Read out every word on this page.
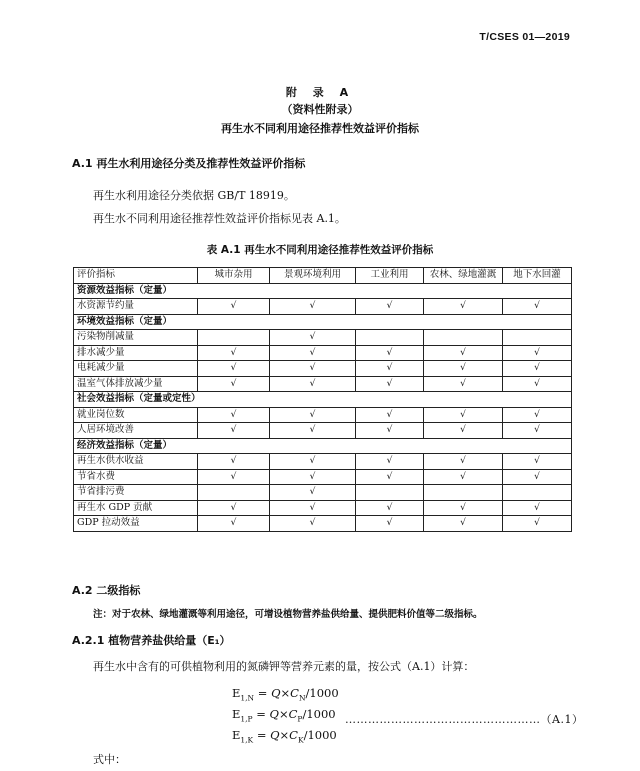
T/CSES 01—2019
附 录 A
（资料性附录）
再生水不同利用途径推荐性效益评价指标
A.1 再生水利用途径分类及推荐性效益评价指标
再生水利用途径分类依据 GB/T 18919。
再生水不同利用途径推荐性效益评价指标见表 A.1。
表 A.1 再生水不同利用途径推荐性效益评价指标
评价指标	城市杂用	景观环境利用	工业利用	农林、绿地灌溉	地下水回灌
资源效益指标（定量）					
水资源节约量	√	√	√	√	√
环境效益指标（定量）					
污染物削减量		√			
排水减少量	√	√	√	√	√
电耗减少量	√	√	√	√	√
温室气体排放减少量	√	√	√	√	√
社会效益指标（定量或定性）					
就业岗位数	√	√	√	√	√
人居环境改善	√	√	√	√	√
经济效益指标（定量）					
再生水供水收益	√	√	√	√	√
节省水费	√	√	√	√	√
节省排污费		√			
再生水 GDP 贡献	√	√	√	√	√
GDP 拉动效益	√	√	√	√	√
A.2 二级指标
注：对于农林、绿地灌溉等利用途径，可增设植物营养盐供给量、提供肥料价值等二级指标。
A.2.1 植物营养盐供给量（E₁）
再生水中含有的可供植物利用的氮磷钾等营养元素的量，按公式（A.1）计算：
$E_{1,N} = Q\times C_N/1000$
$E_{1,P} = Q\times C_P/1000$ ……………………………………………（A.1）
$E_{1,K} = Q\times C_K/1000$
式中：
